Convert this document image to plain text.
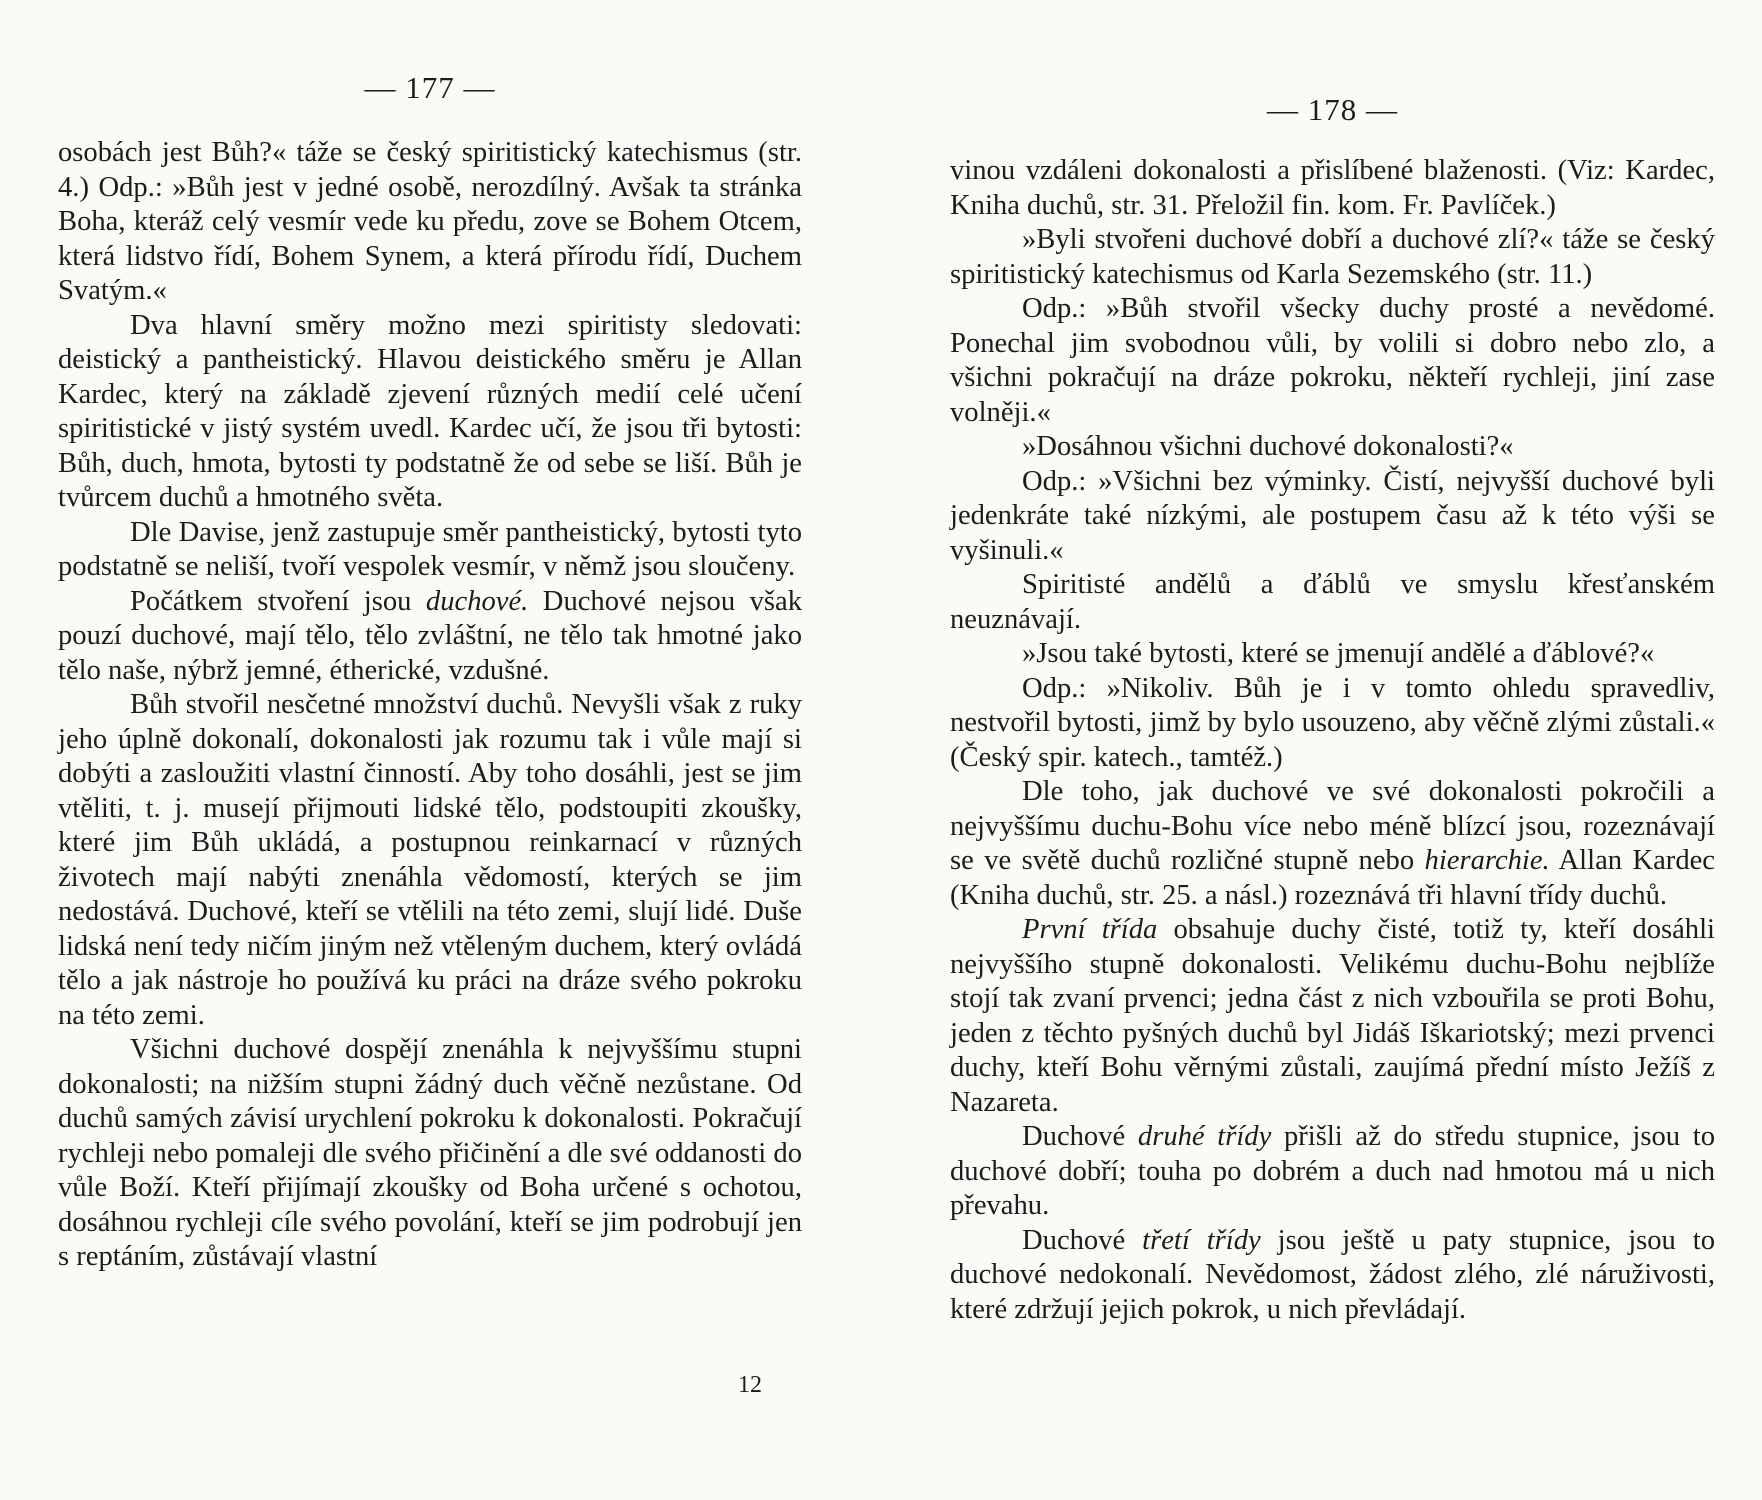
— 177 —

osobách jest Bůh?« táže se český spiritistický katechismus (str. 4.) Odp.: »Bůh jest v jedné osobě, nerozdílný. Avšak ta stránka Boha, kteráž celý vesmír vede ku předu, zove se Bohem Otcem, která lidstvo řídí, Bohem Synem, a která přírodu řídí, Duchem Svatým.«

Dva hlavní směry možno mezi spiritisty sledovati: deistický a pantheistický. Hlavou deistického směru je Allan Kardec, který na základě zjevení různých medií celé učení spiritistické v jistý systém uvedl. Kardec učí, že jsou tři bytosti: Bůh, duch, hmota, bytosti ty podstatně že od sebe se liší. Bůh je tvůrcem duchů a hmotného světa.

Dle Davise, jenž zastupuje směr pantheistický, bytosti tyto podstatně se neliší, tvoří vespolek vesmír, v němž jsou sloučeny.

Počátkem stvoření jsou duchové. Duchové nejsou však pouzí duchové, mají tělo, tělo zvláštní, ne tělo tak hmotné jako tělo naše, nýbrž jemné, étherické, vzdušné.

Bůh stvořil nesčetné množství duchů. Nevyšli však z ruky jeho úplně dokonalí, dokonalosti jak rozumu tak i vůle mají si dobýti a zasloužiti vlastní činností. Aby toho dosáhli, jest se jim vtěliti, t. j. musejí přijmouti lidské tělo, podstoupiti zkoušky, které jim Bůh ukládá, a postupnou reinkarnací v různých životech mají nabýti znenáhla vědomostí, kterých se jim nedostává. Duchové, kteří se vtělili na této zemi, slují lidé. Duše lidská není tedy ničím jiným než vtěleným duchem, který ovládá tělo a jak nástroje ho používá ku práci na dráze svého pokroku na této zemi.

Všichni duchové dospějí znenáhla k nejvyššímu stupni dokonalosti; na nižším stupni žádný duch věčně nezůstane. Od duchů samých závisí urychlení pokroku k dokonalosti. Pokračují rychleji nebo pomaleji dle svého přičinění a dle své oddanosti do vůle Boží. Kteří přijímají zkoušky od Boha určené s ochotou, dosáhnou rychleji cíle svého povolání, kteří se jim podrobují jen s reptáním, zůstávají vlastní

12
— 178 —

vinou vzdáleni dokonalosti a přislíbené blaženosti. (Viz: Kardec, Kniha duchů, str. 31. Přeložil fin. kom. Fr. Pavlíček.)

»Byli stvořeni duchové dobří a duchové zlí?« táže se český spiritistický katechismus od Karla Sezemského (str. 11.)

Odp.: »Bůh stvořil všecky duchy prosté a nevědomé. Ponechal jim svobodnou vůli, by volili si dobro nebo zlo, a všichni pokračují na dráze pokroku, někteří rychleji, jiní zase volněji.«

»Dosáhnou všichni duchové dokonalosti?«

Odp.: »Všichni bez výminky. Čistí, nejvyšší duchové byli jedenkráte také nízkými, ale postupem času až k této výši se vyšinuli.«

Spiritisté andělů a ďáblů ve smyslu křesťanském neuznávají.

»Jsou také bytosti, které se jmenují andělé a ďáblové?«

Odp.: »Nikoliv. Bůh je i v tomto ohledu spravedliv, nestvořil bytosti, jimž by bylo usouzeno, aby věčně zlými zůstali.« (Český spir. katech., tamtéž.)

Dle toho, jak duchové ve své dokonalosti pokročili a nejvyššímu duchu-Bohu více nebo méně blízcí jsou, rozeznávají se ve světě duchů rozličné stupně nebo hierarchie. Allan Kardec (Kniha duchů, str. 25. a násl.) rozeznává tři hlavní třídy duchů.

První třída obsahuje duchy čisté, totiž ty, kteří dosáhli nejvyššího stupně dokonalosti. Velikému duchu-Bohu nejblíže stojí tak zvaní prvenci; jedna část z nich vzbouřila se proti Bohu, jeden z těchto pyšných duchů byl Jidáš Iškariotský; mezi prvenci duchy, kteří Bohu věrnými zůstali, zaujímá přední místo Ježíš z Nazareta.

Duchové druhé třídy přišli až do středu stupnice, jsou to duchové dobří; touha po dobrém a duch nad hmotou má u nich převahu.

Duchové třetí třídy jsou ještě u paty stupnice, jsou to duchové nedokonalí. Nevědomost, žádost zlého, zlé náruživosti, které zdržují jejich pokrok, u nich převládají.
